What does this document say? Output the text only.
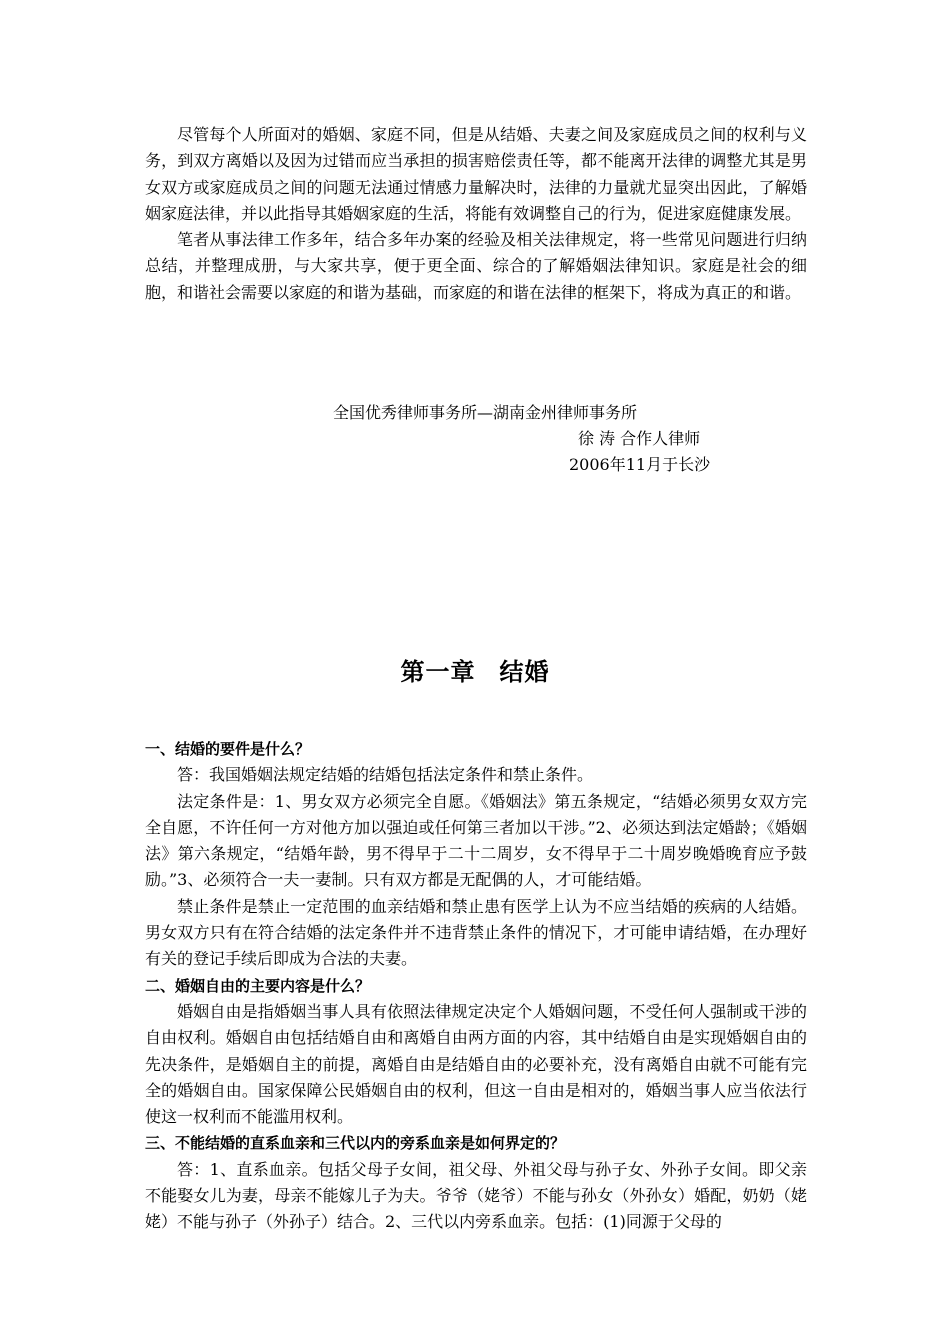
尽管每个人所面对的婚姻、家庭不同，但是从结婚、夫妻之间及家庭成员之间的权利与义务，到双方离婚以及因为过错而应当承担的损害赔偿责任等，都不能离开法律的调整尤其是男女双方或家庭成员之间的问题无法通过情感力量解决时，法律的力量就尤显突出因此，了解婚姻家庭法律，并以此指导其婚姻家庭的生活，将能有效调整自己的行为，促进家庭健康发展。

笔者从事法律工作多年，结合多年办案的经验及相关法律规定，将一些常见问题进行归纳总结，并整理成册，与大家共享，便于更全面、综合的了解婚姻法律知识。家庭是社会的细胞，和谐社会需要以家庭的和谐为基础，而家庭的和谐在法律的框架下，将成为真正的和谐。

全国优秀律师事务所—湖南金州律师事务所
徐 涛 合作人律师
2006年11月于长沙
第一章 结婚
一、结婚的要件是什么？

答：我国婚姻法规定结婚的结婚包括法定条件和禁止条件。

法定条件是：1、男女双方必须完全自愿。《婚姻法》第五条规定，“结婚必须男女双方完全自愿，不许任何一方对他方加以强迫或任何第三者加以干涉。”2、必须达到法定婚龄；《婚姻法》第六条规定，“结婚年龄，男不得早于二十二周岁，女不得早于二十周岁晚婚晚育应予鼓励。”3、必须符合一夫一妻制。只有双方都是无配偶的人，才可能结婚。

禁止条件是禁止一定范围的血亲结婚和禁止患有医学上认为不应当结婚的疾病的人结婚。男女双方只有在符合结婚的法定条件并不违背禁止条件的情况下，才可能申请结婚，在办理好有关的登记手续后即成为合法的夫妻。

二、婚姻自由的主要内容是什么？

婚姻自由是指婚姻当事人具有依照法律规定决定个人婚姻问题，不受任何人强制或干涉的自由权利。婚姻自由包括结婚自由和离婚自由两方面的内容，其中结婚自由是实现婚姻自由的先决条件，是婚姻自主的前提，离婚自由是结婚自由的必要补充，没有离婚自由就不可能有完全的婚姻自由。国家保障公民婚姻自由的权利，但这一自由是相对的，婚姻当事人应当依法行使这一权利而不能滥用权利。

三、不能结婚的直系血亲和三代以内的旁系血亲是如何界定的？

答：1、直系血亲。包括父母子女间，祖父母、外祖父母与孙子女、外孙子女间。即父亲不能娶女儿为妻，母亲不能嫁儿子为夫。爷爷（姥爷）不能与孙女（外孙女）婚配，奶奶（姥姥）不能与孙子（外孙子）结合。2、三代以内旁系血亲。包括：(1)同源于父母的
